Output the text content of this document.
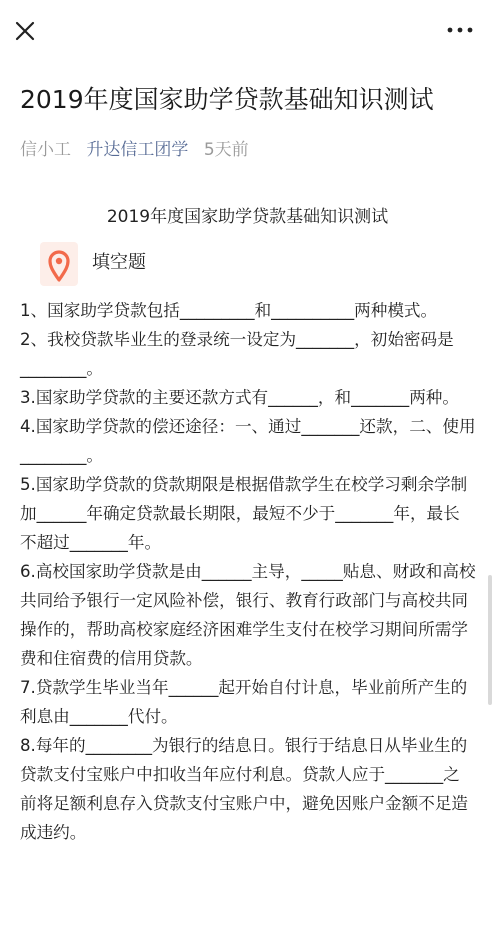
2019年度国家助学贷款基础知识测试
信小工 升达信工团学 5天前
2019年度国家助学贷款基础知识测试
填空题

1、国家助学贷款包括_________和__________两种模式。

2、我校贷款毕业生的登录统一设定为_______，初始密码是________。

3.国家助学贷款的主要还款方式有______，和_______两种。

4.国家助学贷款的偿还途径：一、通过_______还款，二、使用________。

5.国家助学贷款的贷款期限是根据借款学生在校学习剩余学制加______年确定贷款最长期限，最短不少于_______年，最长不超过_______年。

6.高校国家助学贷款是由______主导，_____贴息、财政和高校共同给予银行一定风险补偿，银行、教育行政部门与高校共同操作的，帮助高校家庭经济困难学生支付在校学习期间所需学费和住宿费的信用贷款。

7.贷款学生毕业当年______起开始自付计息，毕业前所产生的利息由_______代付。

8.每年的________为银行的结息日。银行于结息日从毕业生的贷款支付宝账户中扣收当年应付利息。贷款人应于_______之前将足额利息存入贷款支付宝账户中，避免因账户金额不足造成违约。
